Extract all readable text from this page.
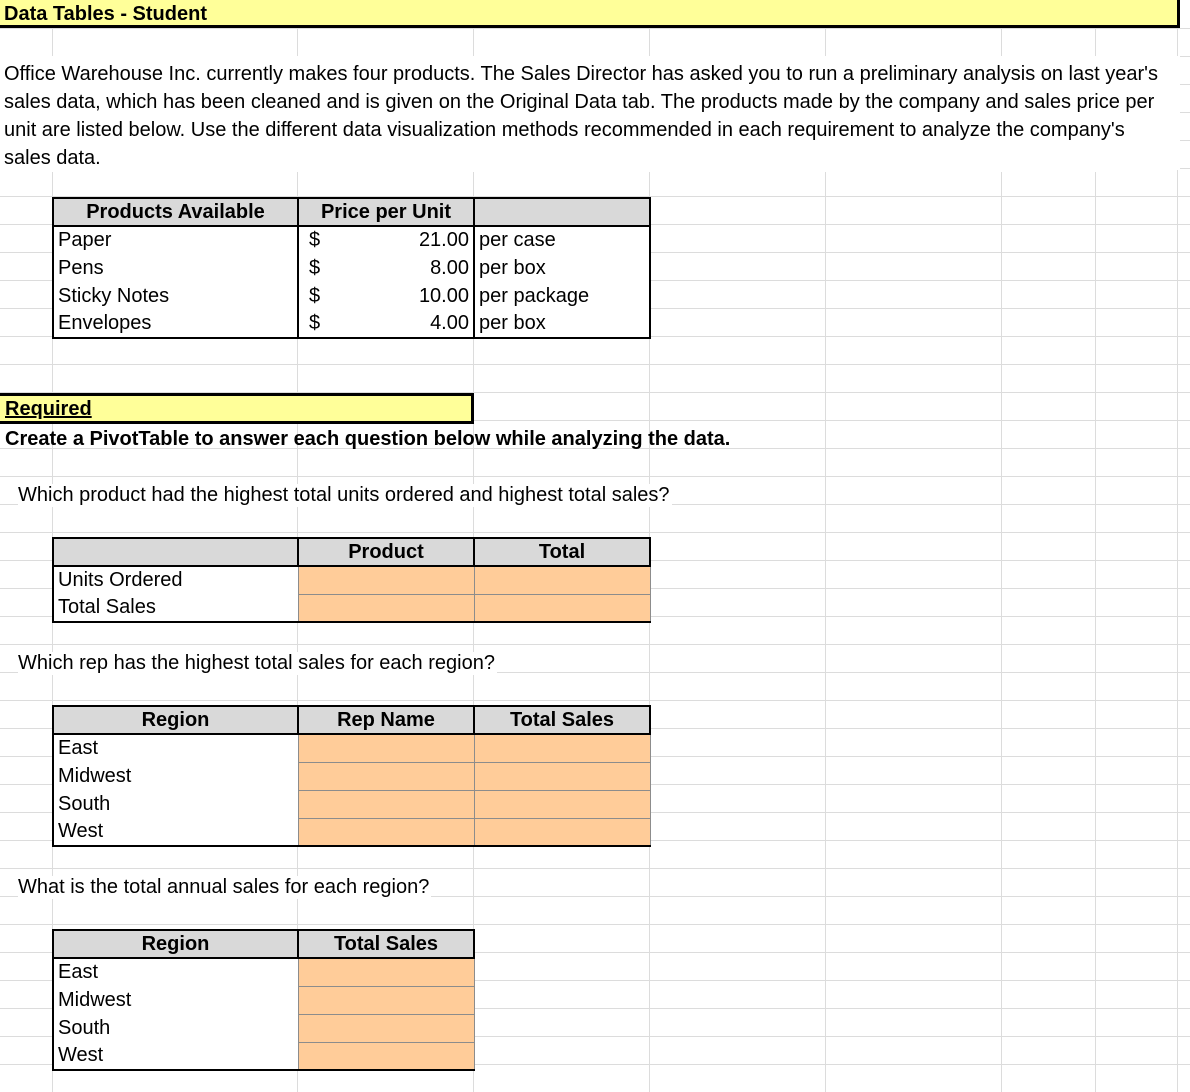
Data Tables - Student
Office Warehouse Inc. currently makes four products. The Sales Director has asked you to run a preliminary analysis on last year's sales data, which has been cleaned and is given on the Original Data tab. The products made by the company and sales price per unit are listed below. Use the different data visualization methods recommended in each requirement to analyze the company's sales data.
Products Available	Price per Unit		
Paper	$	21.00	per case
Pens	$	8.00	per box
Sticky Notes	$	10.00	per package
Envelopes	$	4.00	per box
Required
Create a PivotTable to answer each question below while analyzing the data.
Which product had the highest total units ordered and highest total sales?
	Product	Total
Units Ordered		
Total Sales		
Which rep has the highest total sales for each region?
Region	Rep Name	Total Sales
East		
Midwest		
South		
West		
What is the total annual sales for each region?
Region	Total Sales
East	
Midwest	
South	
West	
